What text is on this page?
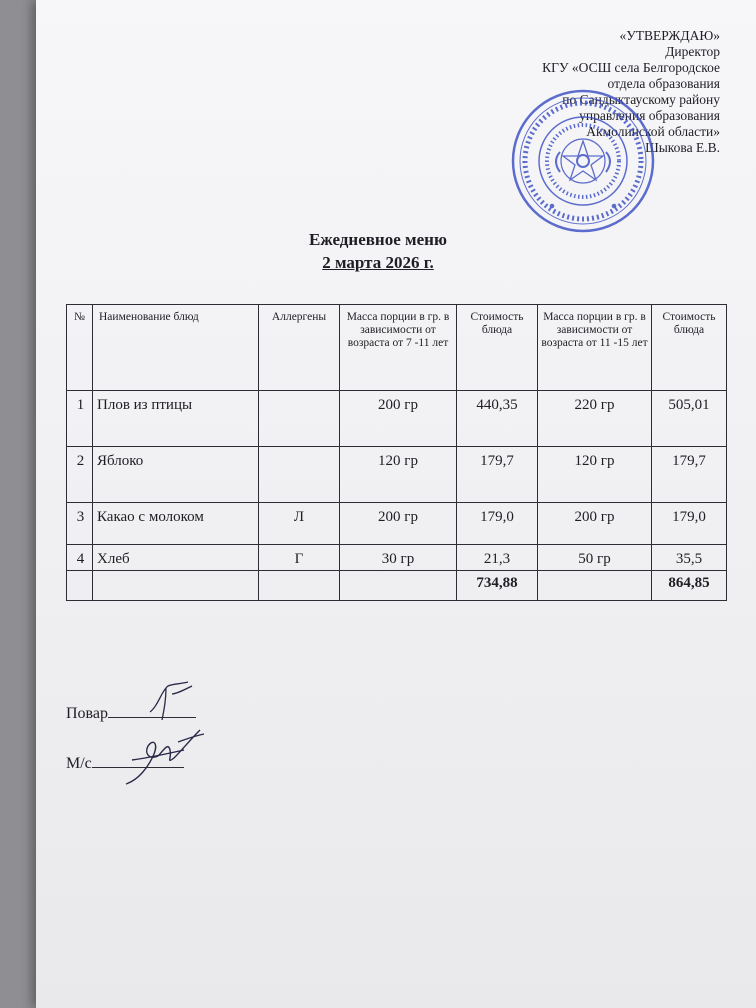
«УТВЕРЖДАЮ»
Директор
КГУ «ОСШ села Белгородское
отдела образования
по Сандыктаускому району
управления образования
Акмолинской области»
Шыкова Е.В.
Ежедневное меню
2 марта 2026 г.
№	Наименование блюд	Аллергены	Масса порции в гр. в зависимости от возраста от 7 -11 лет	Стоимость блюда	Масса порции в гр. в зависимости от возраста от 11 -15 лет	Стоимость блюда
1	Плов из птицы		200 гр	440,35	220 гр	505,01
2	Яблоко		120 гр	179,7	120 гр	179,7
3	Какао с молоком	Л	200 гр	179,0	200 гр	179,0
4	Хлеб	Г	30 гр	21,3	50 гр	35,5
				734,88		864,85
Повар
М/с
